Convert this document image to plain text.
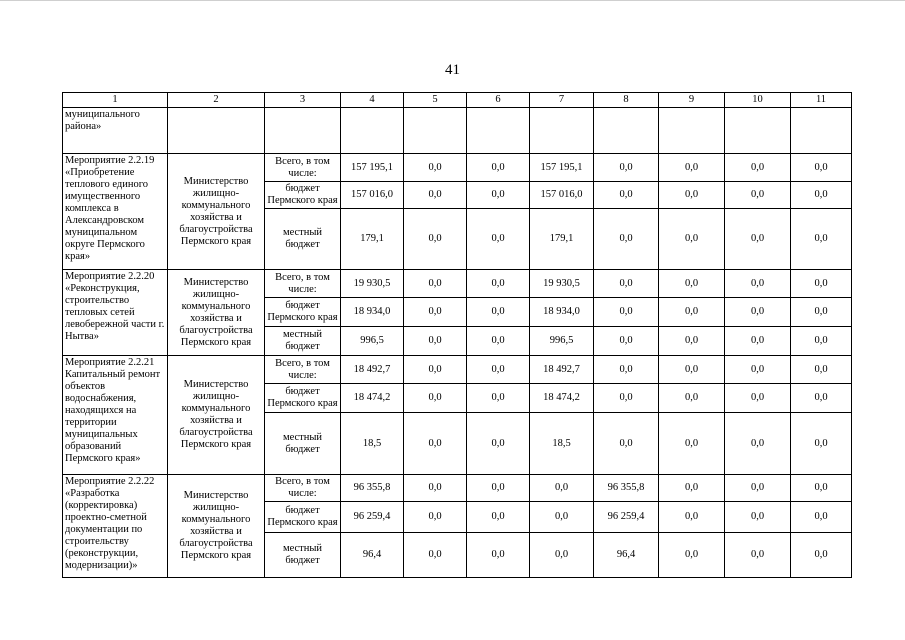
41
1	2	3	4	5	6	7	8	9	10	11
муниципального района»										
Мероприятие 2.2.19 «Приобретение теплового единого имущественного комплекса в Александровском муниципальном округе Пермского края»	Министерство жилищно-коммунального хозяйства и благоустройства Пермского края	Всего, в том числе:	157 195,1	0,0	0,0	157 195,1	0,0	0,0	0,0	0,0
		бюджет Пермского края	157 016,0	0,0	0,0	157 016,0	0,0	0,0	0,0	0,0
		местный бюджет	179,1	0,0	0,0	179,1	0,0	0,0	0,0	0,0
Мероприятие 2.2.20 «Реконструкция, строительство тепловых сетей левобережной части г. Нытва»	Министерство жилищно-коммунального хозяйства и благоустройства Пермского края	Всего, в том числе:	19 930,5	0,0	0,0	19 930,5	0,0	0,0	0,0	0,0
		бюджет Пермского края	18 934,0	0,0	0,0	18 934,0	0,0	0,0	0,0	0,0
		местный бюджет	996,5	0,0	0,0	996,5	0,0	0,0	0,0	0,0
Мероприятие 2.2.21 Капитальный ремонт объектов водоснабжения, находящихся на территории муниципальных образований Пермского края»	Министерство жилищно-коммунального хозяйства и благоустройства Пермского края	Всего, в том числе:	18 492,7	0,0	0,0	18 492,7	0,0	0,0	0,0	0,0
		бюджет Пермского края	18 474,2	0,0	0,0	18 474,2	0,0	0,0	0,0	0,0
		местный бюджет	18,5	0,0	0,0	18,5	0,0	0,0	0,0	0,0
Мероприятие 2.2.22 «Разработка (корректировка) проектно-сметной документации по строительству (реконструкции, модернизации)»	Министерство жилищно-коммунального хозяйства и благоустройства Пермского края	Всего, в том числе:	96 355,8	0,0	0,0	0,0	96 355,8	0,0	0,0	0,0
		бюджет Пермского края	96 259,4	0,0	0,0	0,0	96 259,4	0,0	0,0	0,0
		местный бюджет	96,4	0,0	0,0	0,0	96,4	0,0	0,0	0,0
